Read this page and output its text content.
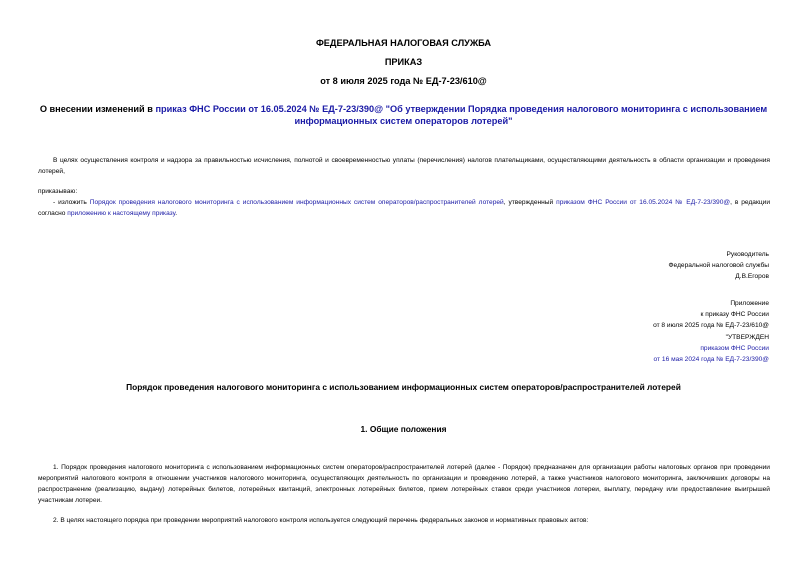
ФЕДЕРАЛЬНАЯ НАЛОГОВАЯ СЛУЖБА
ПРИКАЗ
от 8 июля 2025 года № ЕД-7-23/610@
О внесении изменений в приказ ФНС России от 16.05.2024 № ЕД-7-23/390@ "Об утверждении Порядка проведения налогового мониторинга с использованием информационных систем операторов лотерей"
В целях осуществления контроля и надзора за правильностью исчисления, полнотой и своевременностью уплаты (перечисления) налогов плательщиками, осуществляющими деятельность в области организации и проведения лотерей,
приказываю:
- изложить Порядок проведения налогового мониторинга с использованием информационных систем операторов/распространителей лотерей, утвержденный приказом ФНС России от 16.05.2024 № ЕД-7-23/390@, в редакции согласно приложению к настоящему приказу.
Руководитель
Федеральной налоговой службы
Д.В.Егоров
Приложение
к приказу ФНС России
от 8 июля 2025 года № ЕД-7-23/610@
"УТВЕРЖДЕН
приказом ФНС России
от 16 мая 2024 года № ЕД-7-23/390@
Порядок проведения налогового мониторинга с использованием информационных систем операторов/распространителей лотерей
1. Общие положения
1. Порядок проведения налогового мониторинга с использованием информационных систем операторов/распространителей лотерей (далее - Порядок) предназначен для организации работы налоговых органов при проведении мероприятий налогового контроля в отношении участников налогового мониторинга, осуществляющих деятельность по организации и проведению лотерей, а также участников налогового мониторинга, заключивших договоры на распространение (реализацию, выдачу) лотерейных билетов, лотерейных квитанций, электронных лотерейных билетов, прием лотерейных ставок среди участников лотереи, выплату, передачу или предоставление выигрышей участникам лотереи.
2. В целях настоящего порядка при проведении мероприятий налогового контроля используется следующий перечень федеральных законов и нормативных правовых актов:
